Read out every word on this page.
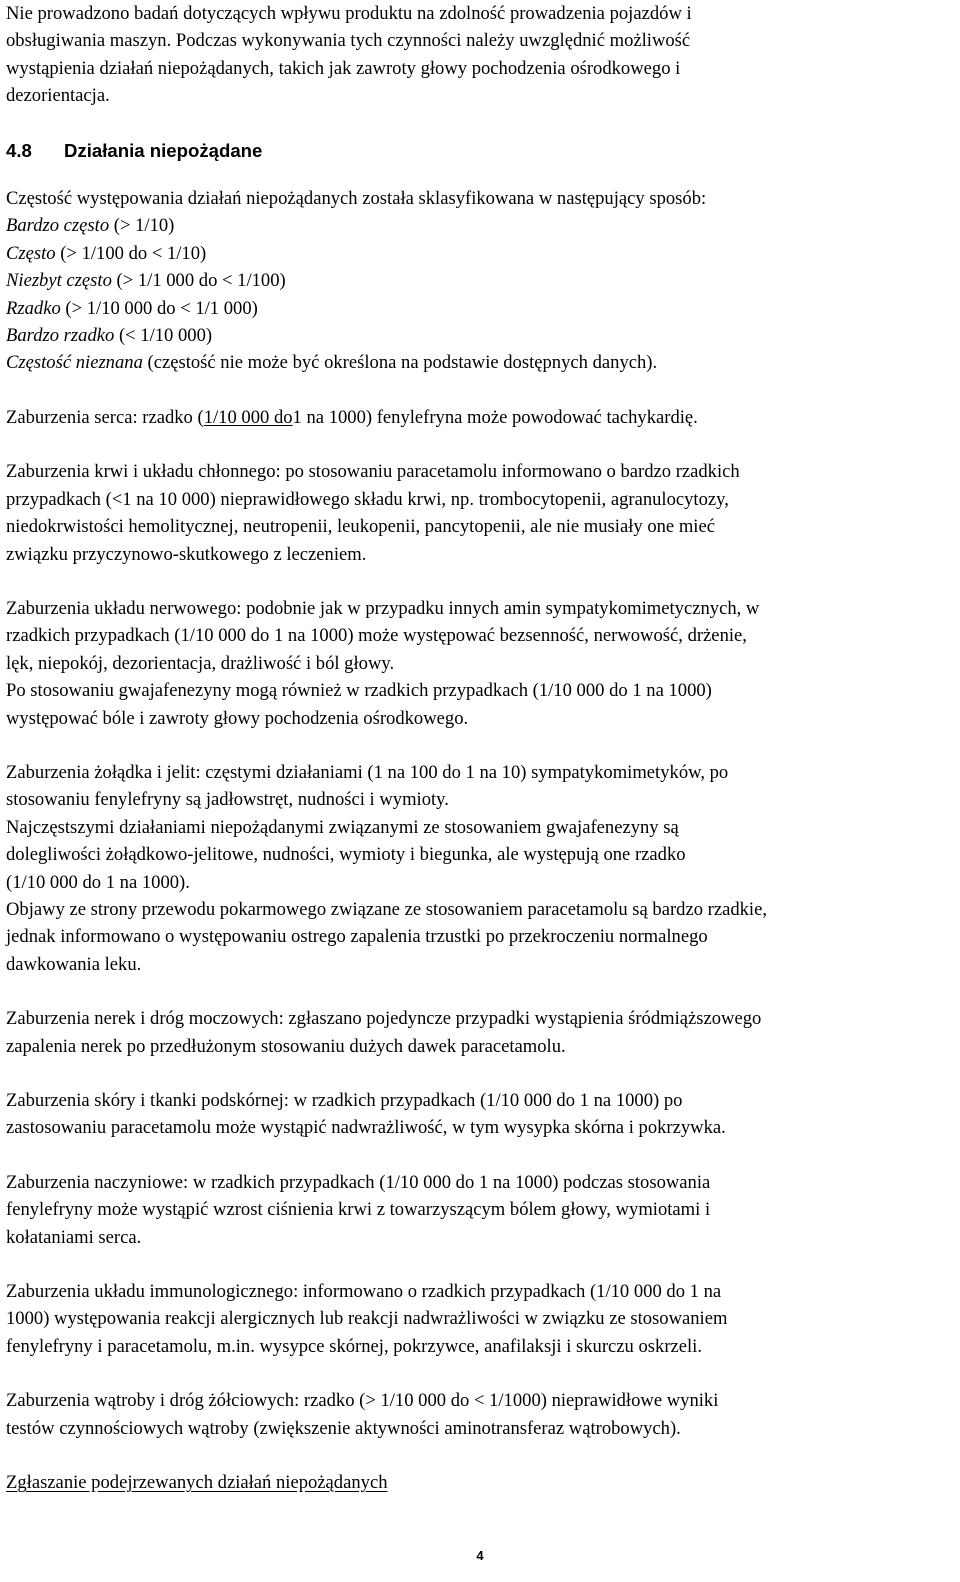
Nie prowadzono badań dotyczących wpływu produktu na zdolność prowadzenia pojazdów i
obsługiwania maszyn. Podczas wykonywania tych czynności należy uwzględnić możliwość
wystąpienia działań niepożądanych, takich jak zawroty głowy pochodzenia ośrodkowego i
dezorientacja.
4.8 Działania niepożądane
Częstość występowania działań niepożądanych została sklasyfikowana w następujący sposób:
Bardzo często (> 1/10)
Często (> 1/100 do < 1/10)
Niezbyt często (> 1/1 000 do < 1/100)
Rzadko (> 1/10 000 do < 1/1 000)
Bardzo rzadko (< 1/10 000)
Częstość nieznana (częstość nie może być określona na podstawie dostępnych danych).
Zaburzenia serca: rzadko (1/10 000 do1 na 1000) fenylefryna może powodować tachykardię.
Zaburzenia krwi i układu chłonnego: po stosowaniu paracetamolu informowano o bardzo rzadkich
przypadkach (<1 na 10 000) nieprawidłowego składu krwi, np. trombocytopenii, agranulocytozy,
niedokrwistości hemolitycznej, neutropenii, leukopenii, pancytopenii, ale nie musiały one mieć
związku przyczynowo-skutkowego z leczeniem.
Zaburzenia układu nerwowego: podobnie jak w przypadku innych amin sympatykomimetycznych, w
rzadkich przypadkach (1/10 000 do 1 na 1000) może występować bezsenność, nerwowość, drżenie,
lęk, niepokój, dezorientacja, drażliwość i ból głowy.
Po stosowaniu gwajafenezyny mogą również w rzadkich przypadkach (1/10 000 do 1 na 1000)
występować bóle i zawroty głowy pochodzenia ośrodkowego.
Zaburzenia żołądka i jelit: częstymi działaniami (1 na 100 do 1 na 10) sympatykomimetyków, po
stosowaniu fenylefryny są jadłowstręt, nudności i wymioty.
Najczęstszymi działaniami niepożądanymi związanymi ze stosowaniem gwajafenezyny są
dolegliwości żołądkowo-jelitowe, nudności, wymioty i biegunka, ale występują one rzadko
(1/10 000 do 1 na 1000).
Objawy ze strony przewodu pokarmowego związane ze stosowaniem paracetamolu są bardzo rzadkie,
jednak informowano o występowaniu ostrego zapalenia trzustki po przekroczeniu normalnego
dawkowania leku.
Zaburzenia nerek i dróg moczowych: zgłaszano pojedyncze przypadki wystąpienia śródmiąższowego
zapalenia nerek po przedłużonym stosowaniu dużych dawek paracetamolu.
Zaburzenia skóry i tkanki podskórnej: w rzadkich przypadkach (1/10 000 do 1 na 1000) po
zastosowaniu paracetamolu może wystąpić nadwrażliwość, w tym wysypka skórna i pokrzywka.
Zaburzenia naczyniowe: w rzadkich przypadkach (1/10 000 do 1 na 1000) podczas stosowania
fenylefryny może wystąpić wzrost ciśnienia krwi z towarzyszącym bólem głowy, wymiotami i
kołataniami serca.
Zaburzenia układu immunologicznego: informowano o rzadkich przypadkach (1/10 000 do 1 na
1000) występowania reakcji alergicznych lub reakcji nadwrażliwości w związku ze stosowaniem
fenylefryny i paracetamolu, m.in. wysypce skórnej, pokrzywce, anafilaksji i skurczu oskrzeli.
Zaburzenia wątroby i dróg żółciowych: rzadko (> 1/10 000 do < 1/1000) nieprawidłowe wyniki
testów czynnościowych wątroby (zwiększenie aktywności aminotransferaz wątrobowych).
Zgłaszanie podejrzewanych działań niepożądanych
4
